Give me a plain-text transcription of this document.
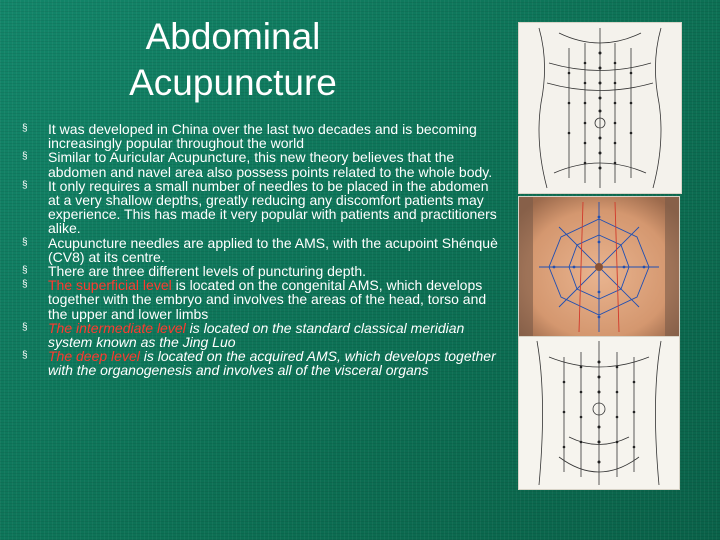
Abdominal
Acupuncture
§ It was developed in China over the last two decades and is becoming increasingly popular throughout the world
§ Similar to Auricular Acupuncture, this new theory believes that the abdomen and navel area also possess points related to the whole body.
§ It only requires a small number of needles to be placed in the abdomen at a very shallow depths, greatly reducing any discomfort patients may experience. This has made it very popular with patients and practitioners alike.
§ Acupuncture needles are applied to the AMS, with the acupoint Shénquè (CV8) at its centre.
§ There are three different levels of puncturing depth.
§ The superficial level is located on the congenital AMS, which develops together with the embryo and involves the areas of the head, torso and the upper and lower limbs
§ The intermediate level is located on the standard classical meridian system known as the Jing Luo
§ The deep level is located on the acquired AMS, which develops together with the organogenesis and involves all of the visceral organs
